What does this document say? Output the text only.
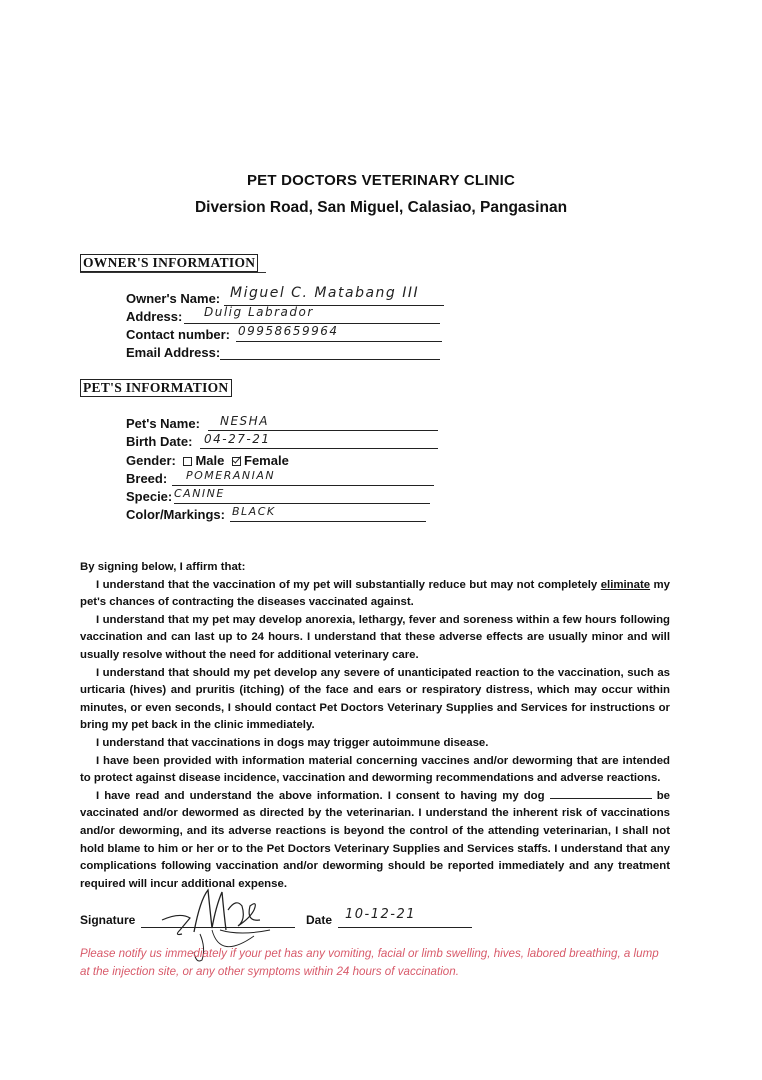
PET DOCTORS VETERINARY CLINIC
Diversion Road, San Miguel, Calasiao, Pangasinan
OWNER'S INFORMATION
Owner's Name: Miguel C. Matabang III
Address: Dulig Labrador
Contact number: 09958659964
Email Address:
PET'S INFORMATION
Pet's Name: NESHA
Birth Date: 04-27-21
Gender: Male Female
Breed: POMERANIAN
Specie: CANINE
Color/Markings: BLACK

By signing below, I affirm that:

I understand that the vaccination of my pet will substantially reduce but may not completely eliminate my pet's chances of contracting the diseases vaccinated against.

I understand that my pet may develop anorexia, lethargy, fever and soreness within a few hours following vaccination and can last up to 24 hours. I understand that these adverse effects are usually minor and will usually resolve without the need for additional veterinary care.

I understand that should my pet develop any severe of unanticipated reaction to the vaccination, such as urticaria (hives) and pruritis (itching) of the face and ears or respiratory distress, which may occur within minutes, or even seconds, I should contact Pet Doctors Veterinary Supplies and Services for instructions or bring my pet back in the clinic immediately.

I understand that vaccinations in dogs may trigger autoimmune disease.

I have been provided with information material concerning vaccines and/or deworming that are intended to protect against disease incidence, vaccination and deworming recommendations and adverse reactions.

I have read and understand the above information. I consent to having my dog	be vaccinated and/or dewormed as directed by the veterinarian. I understand the inherent risk of vaccinations and/or deworming, and its adverse reactions is beyond the control of the attending veterinarian, I shall not hold blame to him or her or to the Pet Doctors Veterinary Supplies and Services staffs. I understand that any complications following vaccination and/or deworming should be reported immediately and any treatment required will incur additional expense.

Signature	Date 10-12-21
Please notify us immediately if your pet has any vomiting, facial or limb swelling, hives, labored breathing, a lump at the injection site, or any other symptoms within 24 hours of vaccination.
